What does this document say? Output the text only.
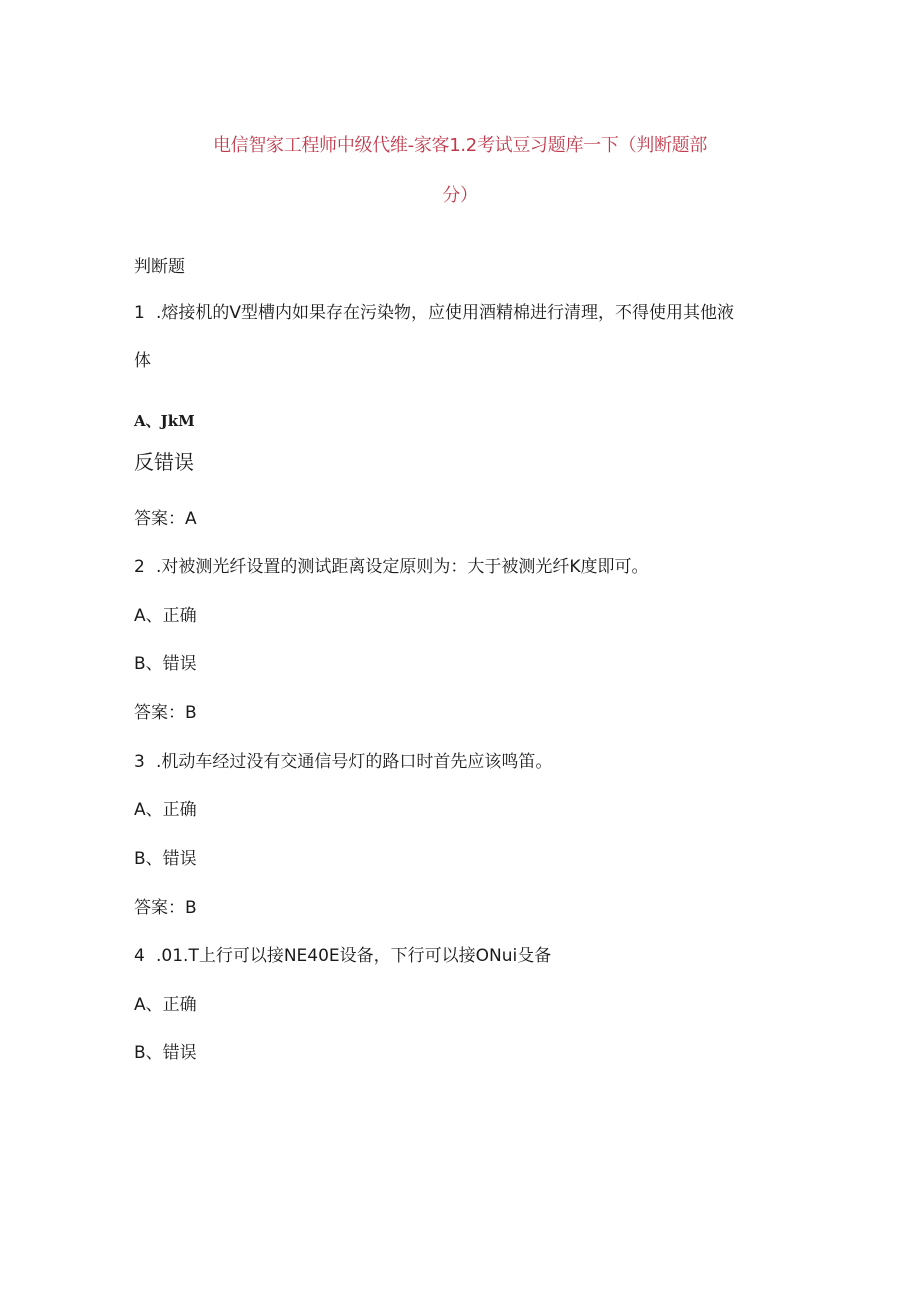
电信智家工程师中级代维-家客1.2考试豆习题库一下（判断题部
分）
判断题
1 .熔接机的V型槽内如果存在污染物，应使用酒精棉进行清理，不得使用其他液
体
A、JkM
反错误
答案：A
2 .对被测光纤设置的测试距离设定原则为：大于被测光纤K度即可。
A、正确
B、错误
答案：B
3 .机动车经过没有交通信号灯的路口时首先应该鸣笛。
A、正确
B、错误
答案：B
4 .01.T上行可以接NE40E设备，下行可以接ONui殳备
A、正确
B、错误
